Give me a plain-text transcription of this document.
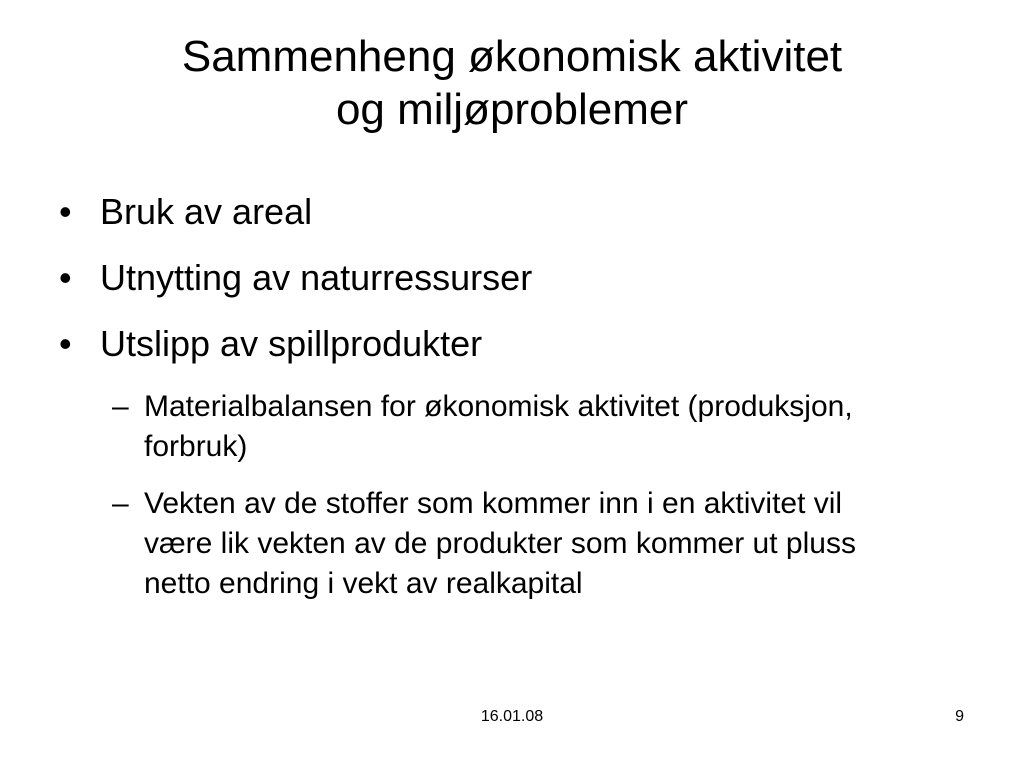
Sammenheng økonomisk aktivitet
og miljøproblemer
• Bruk av areal
• Utnytting av naturressurser
• Utslipp av spillprodukter
– Materialbalansen for økonomisk aktivitet (produksjon, forbruk)
– Vekten av de stoffer som kommer inn i en aktivitet vil være lik vekten av de produkter som kommer ut pluss netto endring i vekt av realkapital
16.01.08	9
